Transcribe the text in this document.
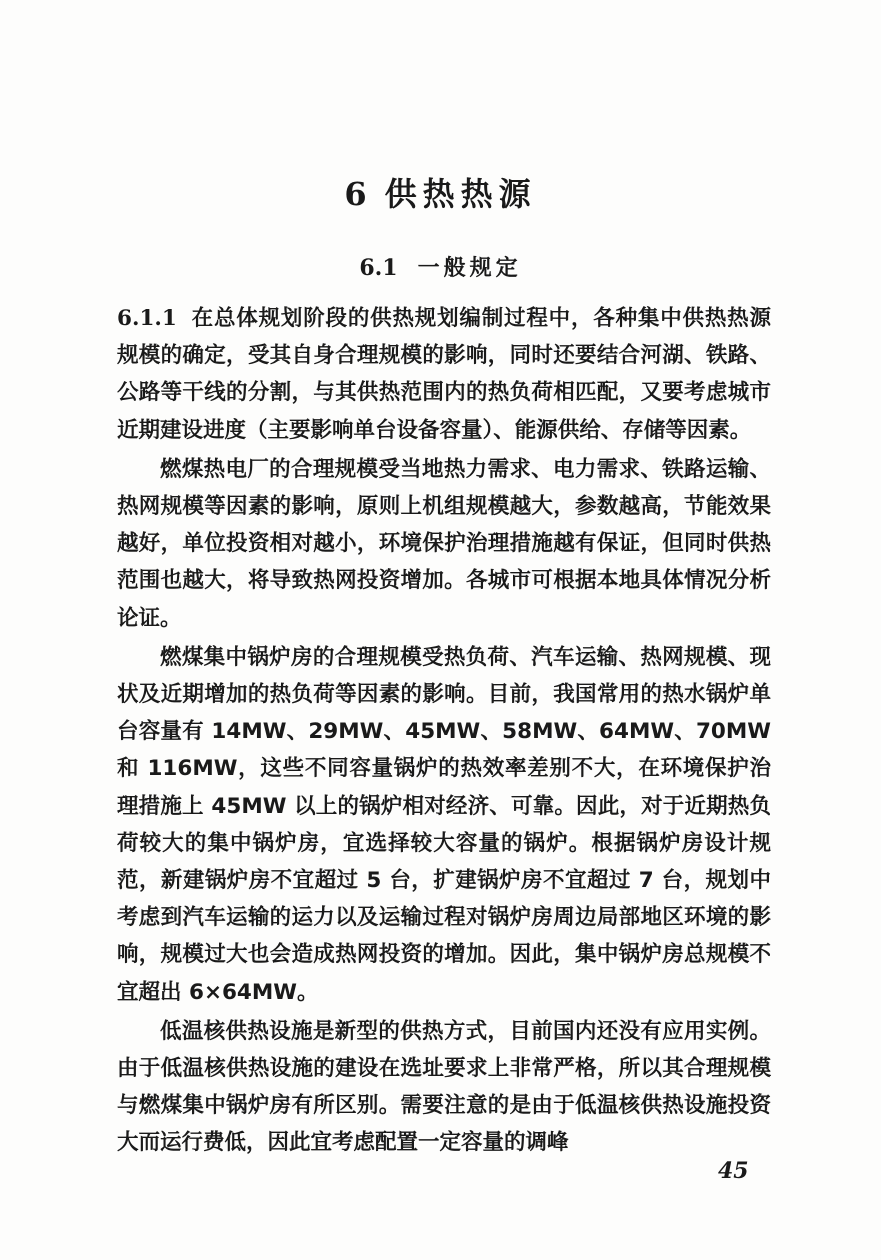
6 供热热源
6.1 一般规定

6.1.1 在总体规划阶段的供热规划编制过程中，各种集中供热热源规模的确定，受其自身合理规模的影响，同时还要结合河湖、铁路、公路等干线的分割，与其供热范围内的热负荷相匹配，又要考虑城市近期建设进度（主要影响单台设备容量）、能源供给、存储等因素。

燃煤热电厂的合理规模受当地热力需求、电力需求、铁路运输、热网规模等因素的影响，原则上机组规模越大，参数越高，节能效果越好，单位投资相对越小，环境保护治理措施越有保证，但同时供热范围也越大，将导致热网投资增加。各城市可根据本地具体情况分析论证。

燃煤集中锅炉房的合理规模受热负荷、汽车运输、热网规模、现状及近期增加的热负荷等因素的影响。目前，我国常用的热水锅炉单台容量有 14MW、29MW、45MW、58MW、64MW、70MW 和 116MW，这些不同容量锅炉的热效率差别不大，在环境保护治理措施上 45MW 以上的锅炉相对经济、可靠。因此，对于近期热负荷较大的集中锅炉房，宜选择较大容量的锅炉。根据锅炉房设计规范，新建锅炉房不宜超过 5 台，扩建锅炉房不宜超过 7 台，规划中考虑到汽车运输的运力以及运输过程对锅炉房周边局部地区环境的影响，规模过大也会造成热网投资的增加。因此，集中锅炉房总规模不宜超出 6×64MW。

低温核供热设施是新型的供热方式，目前国内还没有应用实例。由于低温核供热设施的建设在选址要求上非常严格，所以其合理规模与燃煤集中锅炉房有所区别。需要注意的是由于低温核供热设施投资大而运行费低，因此宜考虑配置一定容量的调峰

45
